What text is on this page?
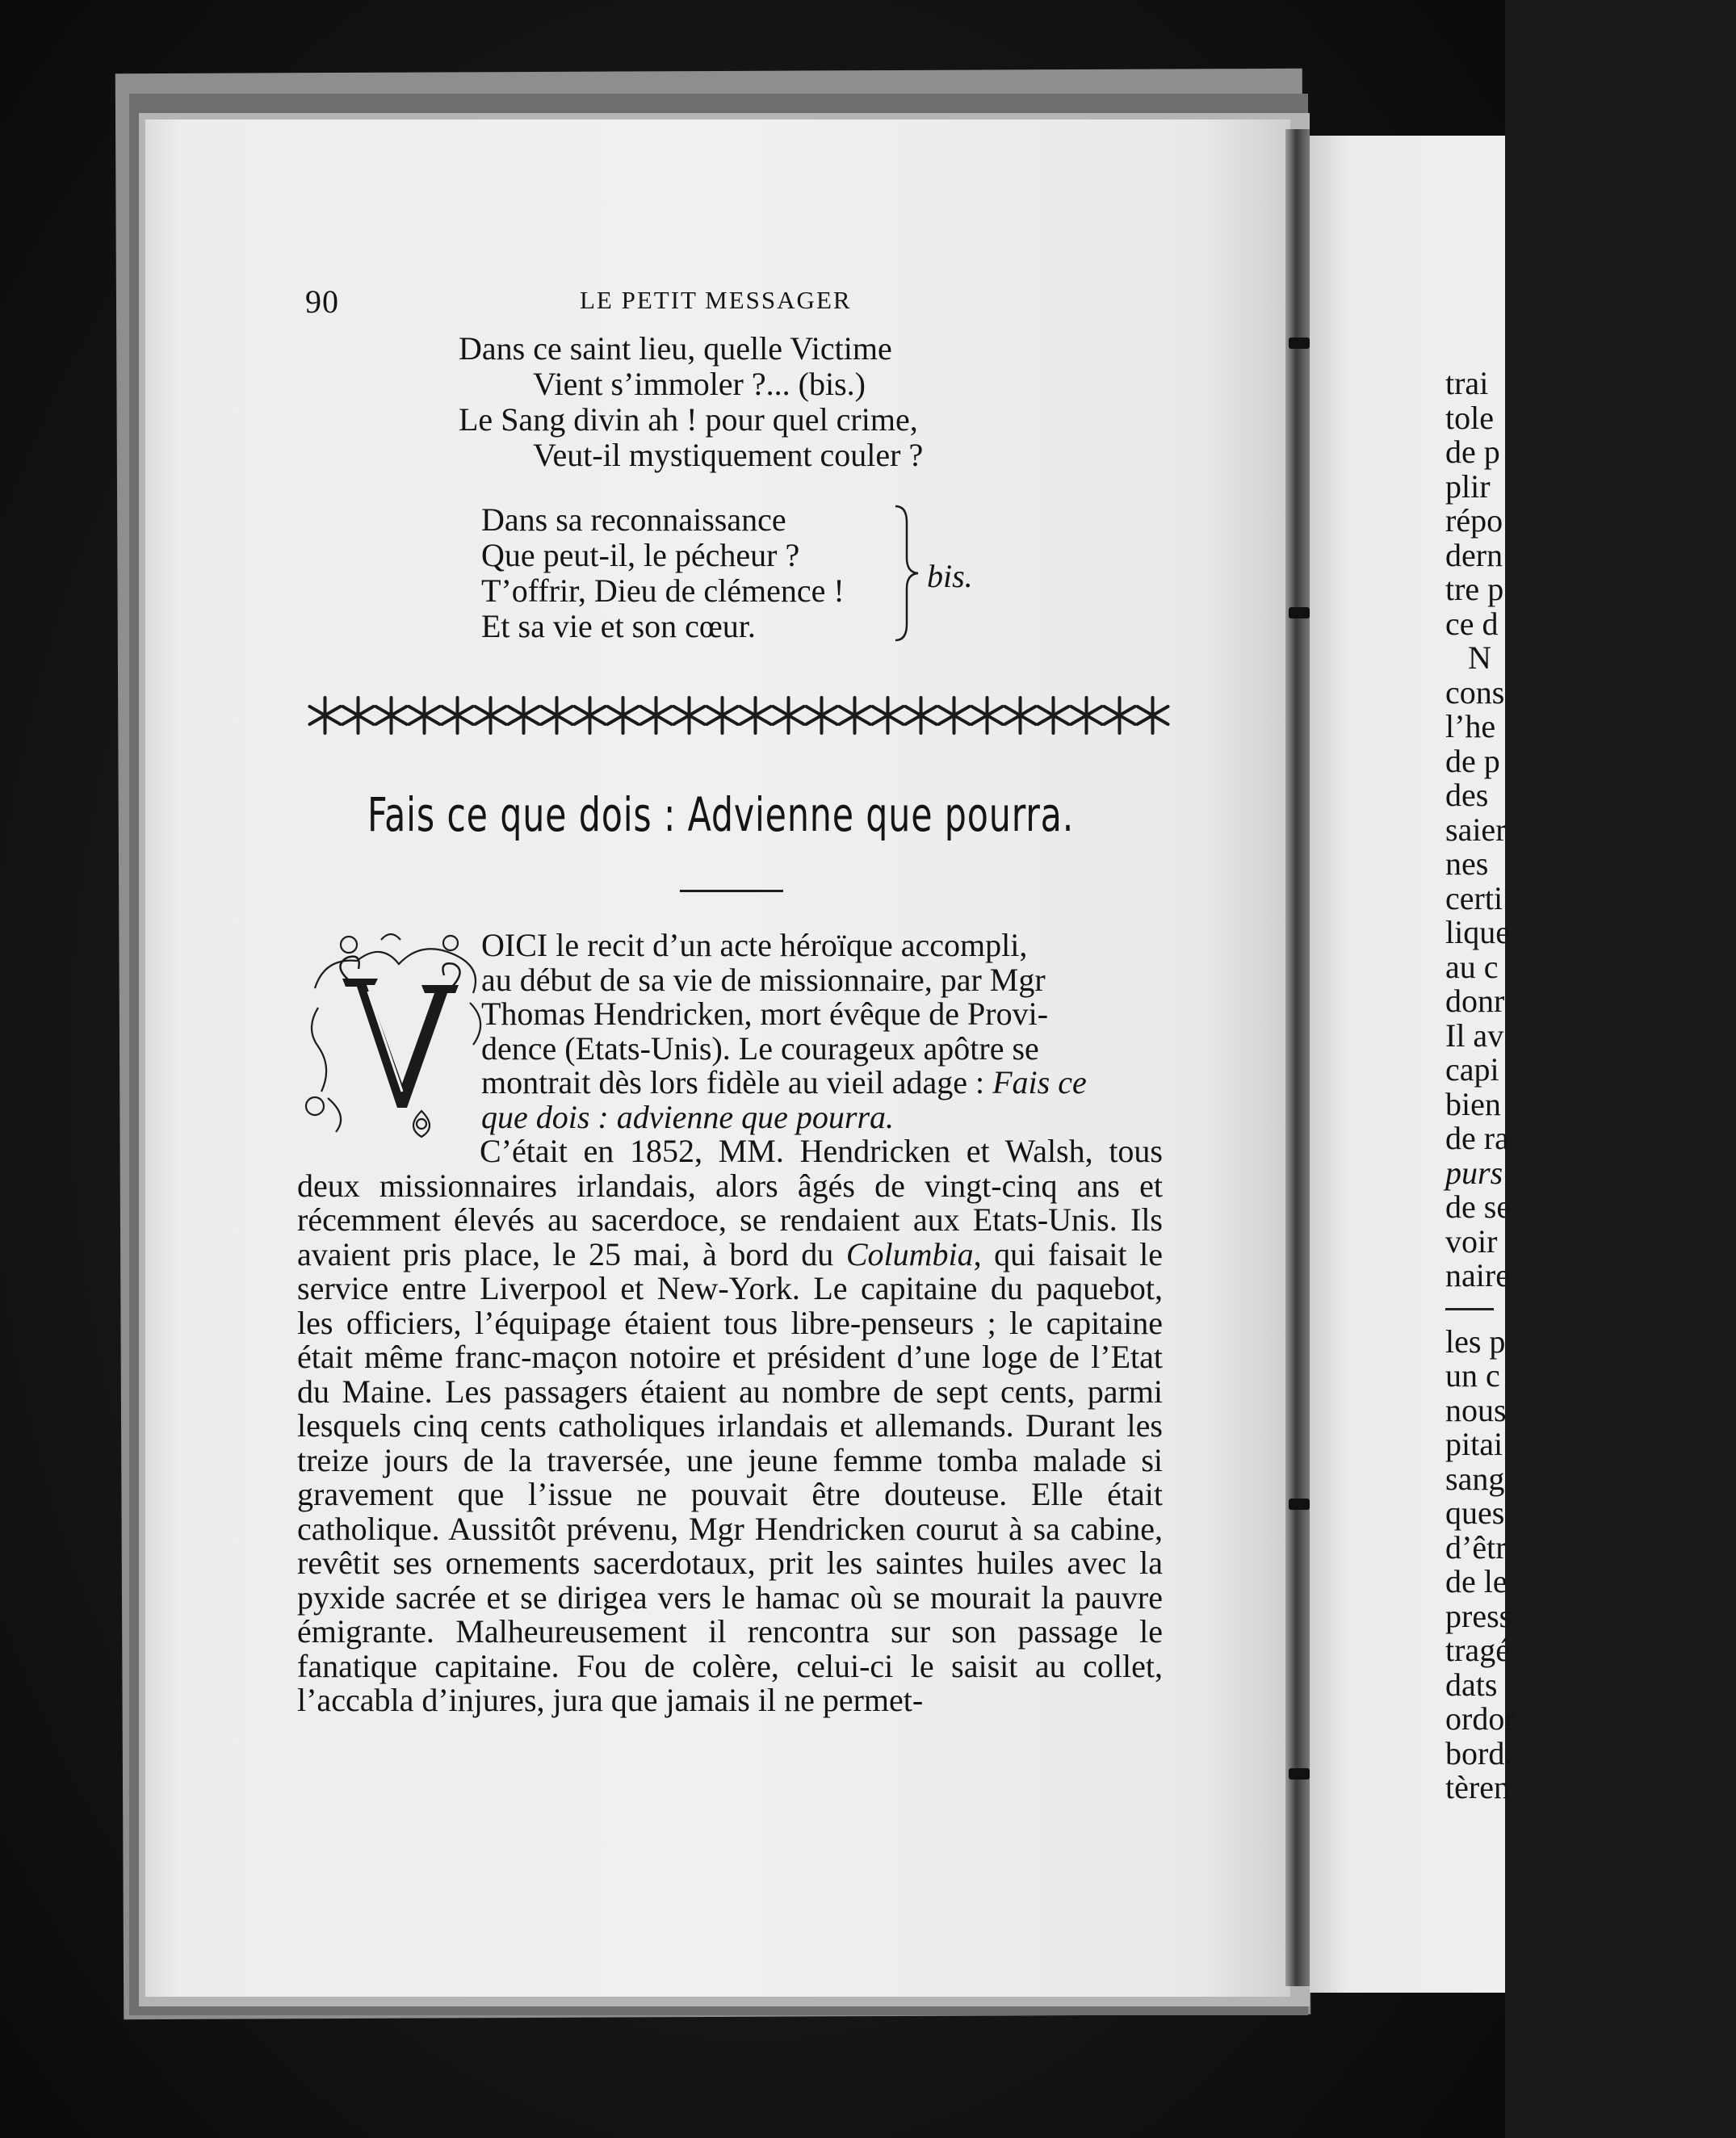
90	LE PETIT MESSAGER
Dans ce saint lieu, quelle Victime
Vient s’immoler ?... (bis.)
Le Sang divin ah ! pour quel crime,
Veut-il mystiquement couler ?
Dans sa reconnaissance
Que peut-il, le pécheur ?
T’offrir, Dieu de clémence !
Et sa vie et son cœur.
bis.
Fais ce que dois : Advienne que pourra.

OICI le recit d’un acte héroïque accompli,

au début de sa vie de missionnaire, par Mgr

Thomas Hendricken, mort évêque de Provi-

dence (Etats-Unis). Le courageux apôtre se

montrait dès lors fidèle au vieil adage : Fais ce

que dois : advienne que pourra.

C’était en 1852, MM. Hendricken et Walsh, tous deux missionnaires irlandais, alors âgés de vingt-cinq ans et récemment élevés au sacerdoce, se rendaient aux Etats-Unis. Ils avaient pris place, le 25 mai, à bord du Columbia, qui faisait le service entre Liverpool et New-York. Le capitaine du paquebot, les officiers, l’équipage étaient tous libre-penseurs ; le capitaine était même franc-maçon notoire et président d’une loge de l’Etat du Maine. Les passagers étaient au nombre de sept cents, parmi lesquels cinq cents catholiques irlandais et allemands. Durant les treize jours de la traversée, une jeune femme tomba malade si gravement que l’issue ne pouvait être douteuse. Elle était catholique. Aussitôt prévenu, Mgr Hendricken courut à sa cabine, revêtit ses ornements sacerdotaux, prit les saintes huiles avec la pyxide sacrée et se dirigea vers le hamac où se mourait la pauvre émigrante. Malheureusement il rencontra sur son passage le fanatique capitaine. Fou de colère, celui-ci le saisit au collet, l’accabla d’injures, jura que jamais il ne permet-

trai
tole
de p
plir
répo
dern
tre p
ce d
N
cons
l’he
de p
des
saier
nes
certi
lique
au c
donr
Il av
capi
bien
de ra
purs
de se
voir
naire
les p
un c
nous
pitai
sang
ques
d’êtr
de le
press
tragé
dats
ordor
bord.
tèren
